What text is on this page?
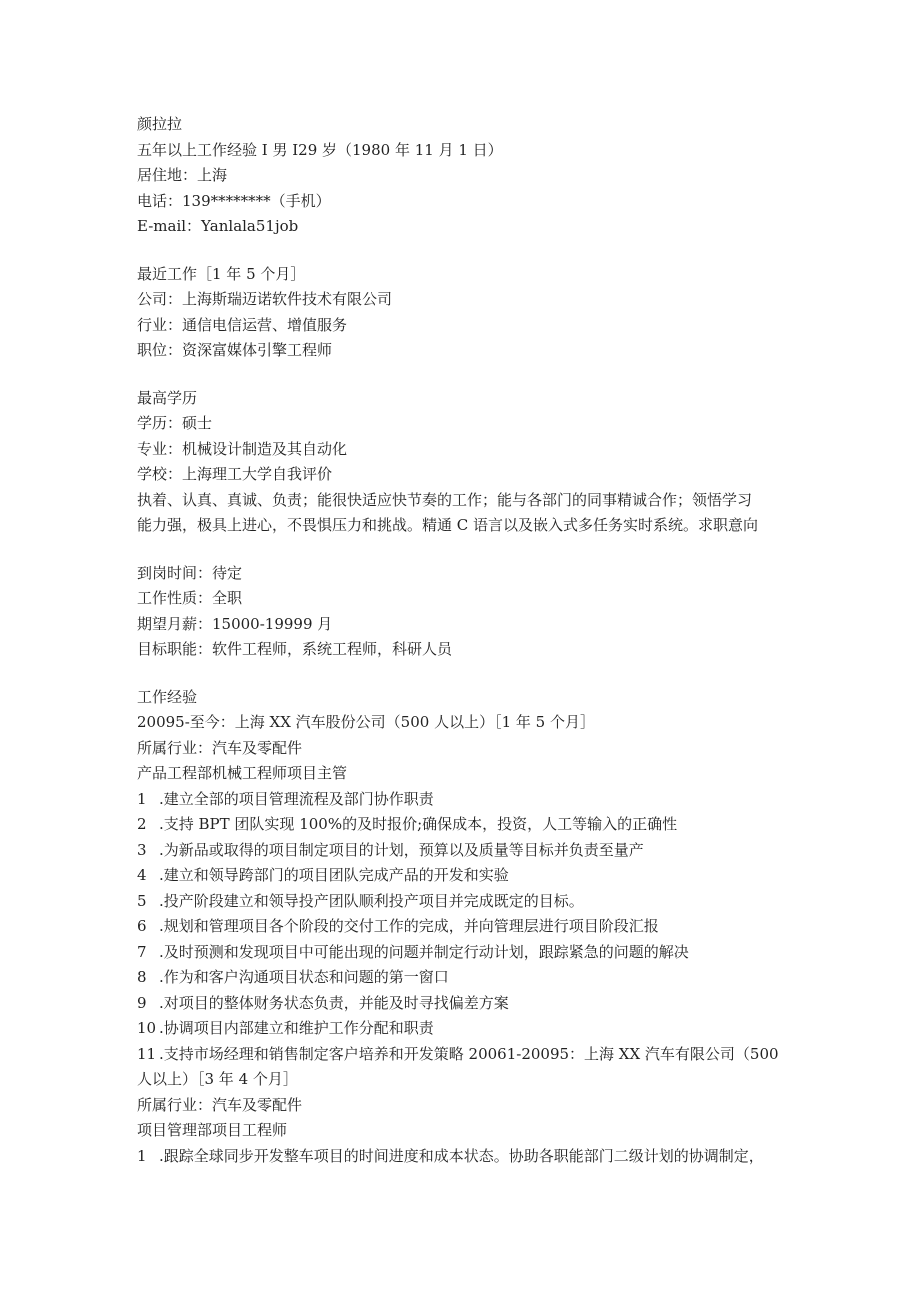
颜拉拉
五年以上工作经验 I 男 I29 岁（1980 年 11 月 1 日）
居住地：上海
电话：139********（手机）
E-mail：Yanlala51job
最近工作［1 年 5 个月］
公司：上海斯瑞迈诺软件技术有限公司
行业：通信电信运营、增值服务
职位：资深富媒体引擎工程师
最高学历
学历：硕士
专业：机械设计制造及其自动化
学校：上海理工大学自我评价
执着、认真、真诚、负责；能很快适应快节奏的工作；能与各部门的同事精诚合作；领悟学习
能力强，极具上进心，不畏惧压力和挑战。精通 C 语言以及嵌入式多任务实时系统。求职意向
到岗时间：待定
工作性质：全职
期望月薪：15000-19999 月
目标职能：软件工程师，系统工程师，科研人员
工作经验
20095-至今：上海 XX 汽车股份公司（500 人以上）［1 年 5 个月］
所属行业：汽车及零配件
产品工程部机械工程师项目主管
1 .建立全部的项目管理流程及部门协作职责
2 .支持 BPT 团队实现 100%的及时报价;确保成本，投资，人工等输入的正确性
3 .为新品或取得的项目制定项目的计划，预算以及质量等目标并负责至量产
4 .建立和领导跨部门的项目团队完成产品的开发和实验
5 .投产阶段建立和领导投产团队顺利投产项目并完成既定的目标。
6 .规划和管理项目各个阶段的交付工作的完成，并向管理层进行项目阶段汇报
7 .及时预测和发现项目中可能出现的问题并制定行动计划，跟踪紧急的问题的解决
8 .作为和客户沟通项目状态和问题的第一窗口
9 .对项目的整体财务状态负责，并能及时寻找偏差方案
10 .协调项目内部建立和维护工作分配和职责
11 .支持市场经理和销售制定客户培养和开发策略 20061-20095：上海 XX 汽车有限公司（500
人以上）［3 年 4 个月］
所属行业：汽车及零配件
项目管理部项目工程师
1 .跟踪全球同步开发整车项目的时间进度和成本状态。协助各职能部门二级计划的协调制定，
